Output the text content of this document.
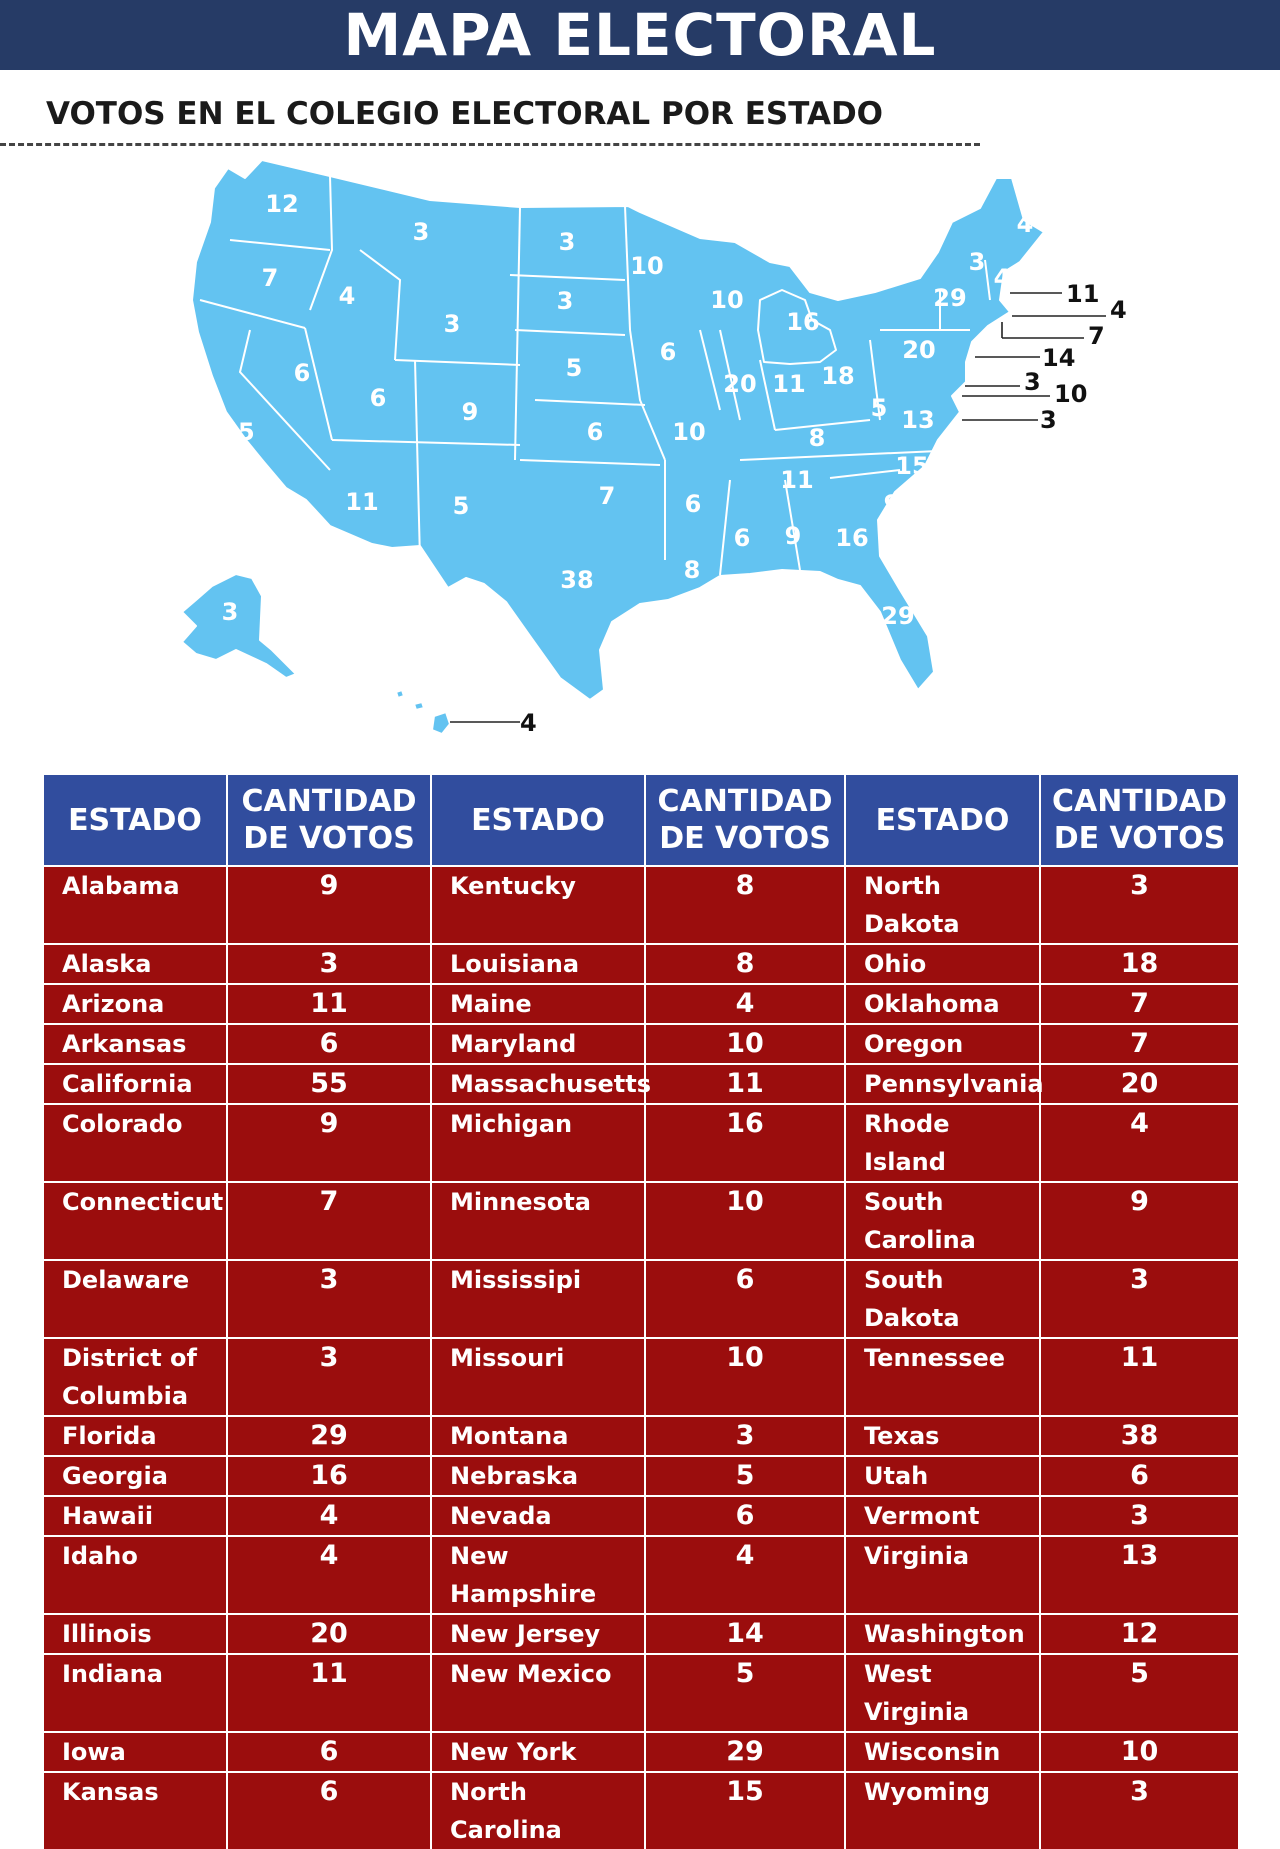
MAPA ELECTORAL
VOTOS EN EL COLEGIO ELECTORAL POR ESTADO
12
7
55
4
6
3
3
6
11
9
5
3
3
5
6
7
38
10
6
10
6
8
10
20
16
11 18
8
11
6 9 16
29
9
15
13
5
20
29
3
4
4
3
11
4
7
14
3 10
3
4
ESTADO	CANTIDAD DE VOTOS	ESTADO	CANTIDAD DE VOTOS	ESTADO	CANTIDAD DE VOTOS
Alabama	9	Kentucky	8	North Dakota	3
Alaska	3	Louisiana	8	Ohio	18
Arizona	11	Maine	4	Oklahoma	7
Arkansas	6	Maryland	10	Oregon	7
California	55	Massachusetts	11	Pennsylvania	20
Colorado	9	Michigan	16	Rhode Island	4
Connecticut	7	Minnesota	10	South Carolina	9
Delaware	3	Mississipi	6	South Dakota	3
District of Columbia	3	Missouri	10	Tennessee	11
Florida	29	Montana	3	Texas	38
Georgia	16	Nebraska	5	Utah	6
Hawaii	4	Nevada	6	Vermont	3
Idaho	4	New Hampshire	4	Virginia	13
Illinois	20	New Jersey	14	Washington	12
Indiana	11	New Mexico	5	West Virginia	5
Iowa	6	New York	29	Wisconsin	10
Kansas	6	North Carolina	15	Wyoming	3
